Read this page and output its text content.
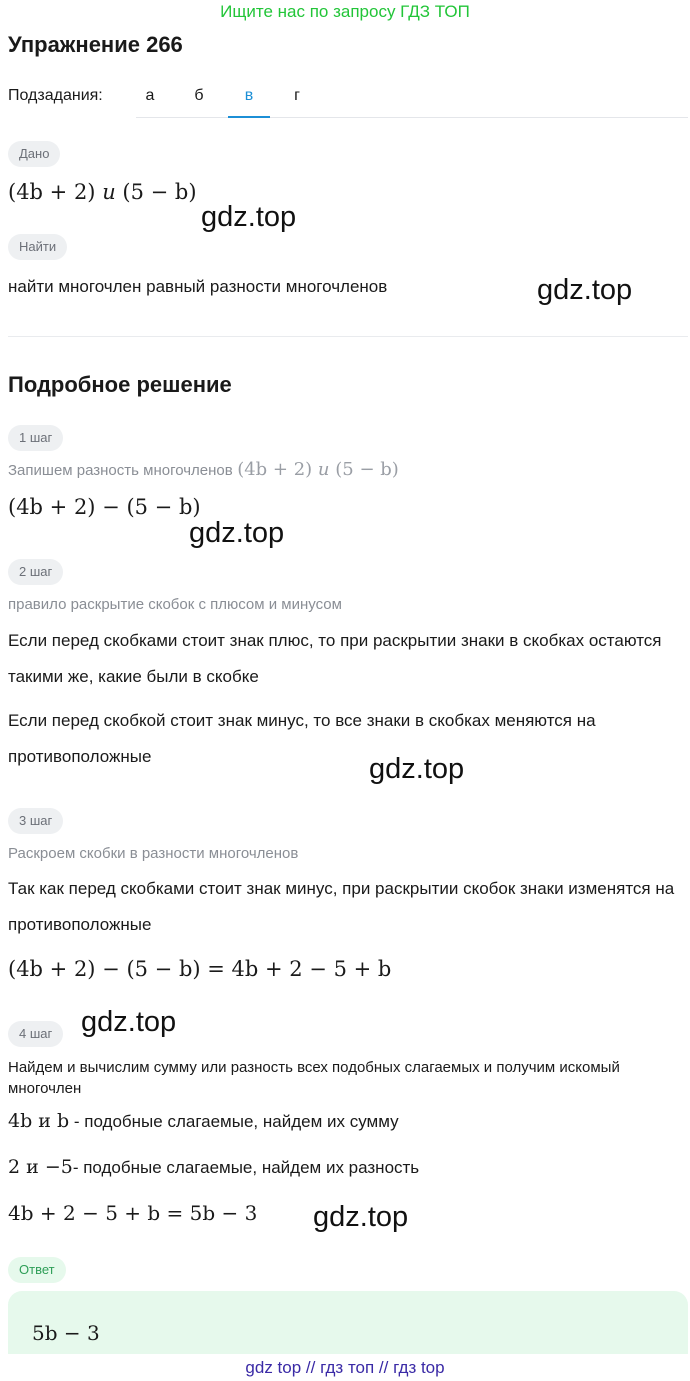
Ищите нас по запросу ГДЗ ТОП
Упражнение 266
Подзадания:	а	б	в	г
Дано
(4b + 2) и (5 − b)
Найти
найти многочлен равный разности многочленов
Подробное решение
1 шаг
Запишем разность многочленов (4b + 2) и (5 − b)
(4b + 2) − (5 − b)
2 шаг
правило раскрытие скобок с плюсом и минусом

Если перед скобками стоит знак плюс, то при раскрытии знаки в скобках остаются такими же, какие были в скобке

Если перед скобкой стоит знак минус, то все знаки в скобках меняются на противоположные

3 шаг
Раскроем скобки в разности многочленов

Так как перед скобками стоит знак минус, при раскрытии скобок знаки изменятся на противоположные

(4b + 2) − (5 − b) = 4b + 2 − 5 + b
4 шаг

Найдем и вычислим сумму или разность всех подобных слагаемых и получим искомый многочлен

4b и b - подобные слагаемые, найдем их сумму
2 и −5- подобные слагаемые, найдем их разность
4b + 2 − 5 + b = 5b − 3
Ответ
5b − 3
gdz.top
gdz.top
gdz.top
gdz.top
gdz.top
gdz.top
gdz top // гдз топ // гдз top
